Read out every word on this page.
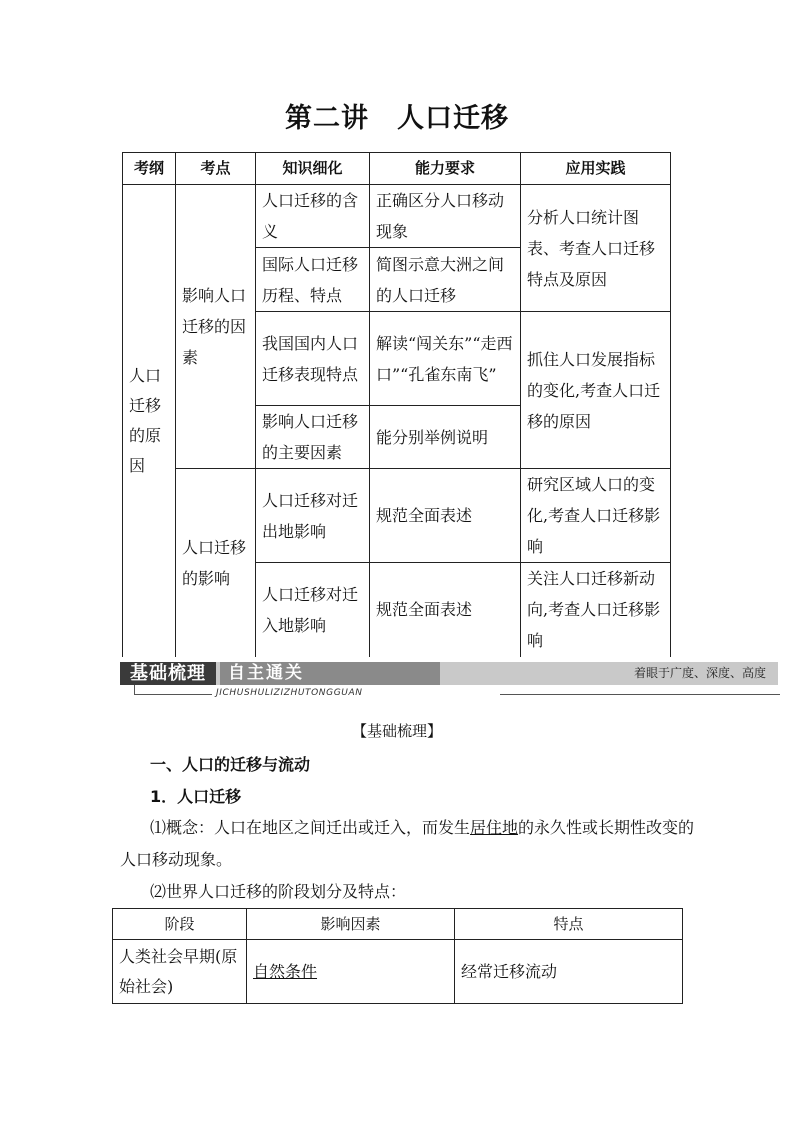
第二讲 人口迁移
考纲	考点	知识细化	能力要求	应用实践
人口迁移的原因	影响人口迁移的因素	人口迁移的含义	正确区分人口移动现象	分析人口统计图表、考查人口迁移特点及原因
		国际人口迁移历程、特点	简图示意大洲之间的人口迁移	
		我国国内人口迁移表现特点	解读“闯关东”“走西口”“孔雀东南飞”	抓住人口发展指标的变化,考查人口迁移的原因
		影响人口迁移的主要因素	能分别举例说明	
	人口迁移的影响	人口迁移对迁出地影响	规范全面表述	研究区域人口的变化,考查人口迁移影响
		人口迁移对迁入地影响	规范全面表述	关注人口迁移新动向,考查人口迁移影响
基础梳理	自主通关	着眼于广度、深度、高度
JICHUSHULIZIZHUTONGGUAN
【基础梳理】
一、人口的迁移与流动
1．人口迁移
⑴概念：人口在地区之间迁出或迁入，而发生居住地的永久性或长期性改变的人口移动现象。
⑵世界人口迁移的阶段划分及特点：
阶段	影响因素	特点
人类社会早期(原始社会)	自然条件	经常迁移流动
